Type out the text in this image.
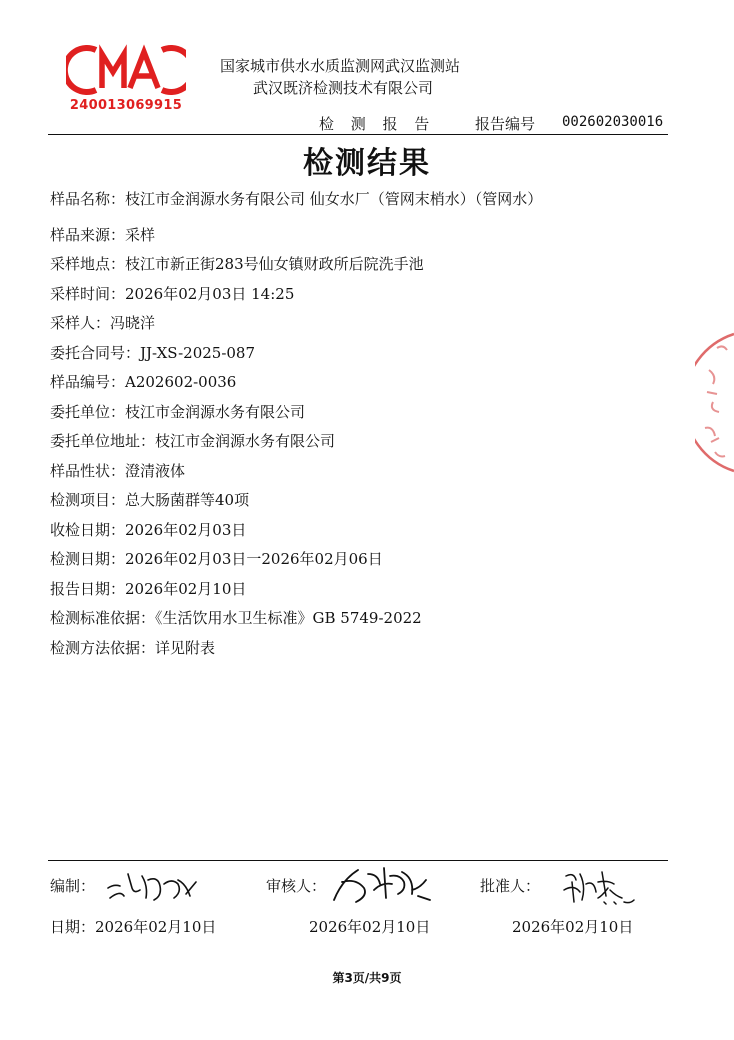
240013069915
国家城市供水水质监测网武汉监测站
武汉既济检测技术有限公司
检 测 报 告	报告编号 002602030016
检测结果
样品名称：枝江市金润源水务有限公司 仙女水厂（管网末梢水）（管网水）
样品来源：采样
采样地点：枝江市新正街283号仙女镇财政所后院洗手池
采样时间：2026年02月03日 14:25
采样人：冯晓洋
委托合同号：JJ-XS-2025-087
样品编号：A202602-0036
委托单位：枝江市金润源水务有限公司
委托单位地址：枝江市金润源水务有限公司
样品性状：澄清液体
检测项目：总大肠菌群等40项
收检日期：2026年02月03日
检测日期：2026年02月03日一2026年02月06日
报告日期：2026年02月10日
检测标准依据：《生活饮用水卫生标准》GB 5749-2022
检测方法依据：详见附表
编制：	审核人：	批准人：
日期：2026年02月10日	2026年02月10日	2026年02月10日
第3页/共9页
